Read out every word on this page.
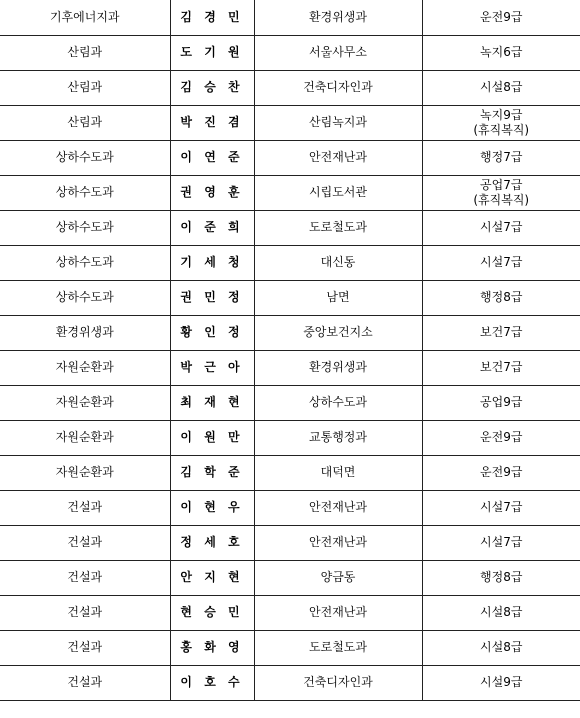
기후에너지과	김 경 민	환경위생과	운전9급

산림과	도 기 원	서울사무소	녹지6급

산림과	김 승 찬	건축디자인과	시설8급

산림과	박 진 겸	산림녹지과	녹지9급
(휴직복직)

상하수도과	이 연 준	안전재난과	행정7급

상하수도과	권 영 훈	시립도서관	공업7급
(휴직복직)

상하수도과	이 준 희	도로철도과	시설7급

상하수도과	기 세 청	대신동	시설7급

상하수도과	권 민 정	남면	행정8급

환경위생과	황 인 정	중앙보건지소	보건7급

자원순환과	박 근 아	환경위생과	보건7급

자원순환과	최 재 현	상하수도과	공업9급

자원순환과	이 원 만	교통행정과	운전9급

자원순환과	김 학 준	대덕면	운전9급

건설과	이 현 우	안전재난과	시설7급

건설과	정 세 호	안전재난과	시설7급

건설과	안 지 현	양금동	행정8급

건설과	현 승 민	안전재난과	시설8급

건설과	홍 화 영	도로철도과	시설8급

건설과	이 호 수	건축디자인과	시설9급
